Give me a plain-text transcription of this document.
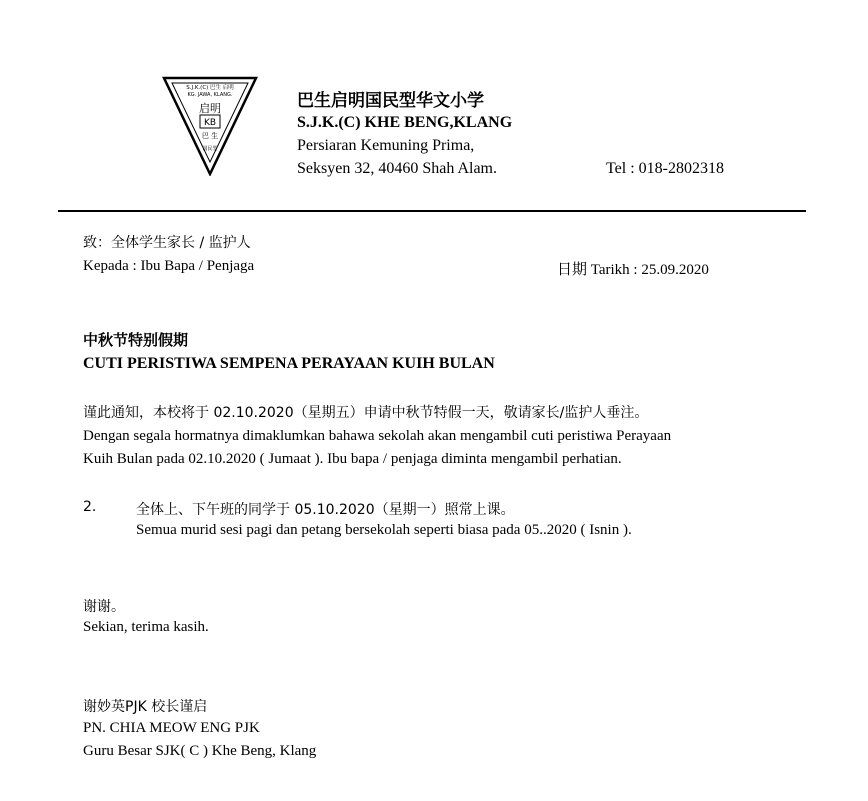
S.J.K.(C) 巴生 启明
KG. JAWA, KLANG.
启明
KB
巴 生
国民型
巴生启明国民型华文小学
S.J.K.(C) KHE BENG,KLANG
Persiaran Kemuning Prima,
Seksyen 32, 40460 Shah Alam.	Tel : 018-2802318
致：全体学生家长 / 监护人
Kepada : Ibu Bapa / Penjaga	日期 Tarikh : 25.09.2020
中秋节特别假期
CUTI PERISTIWA SEMPENA PERAYAAN KUIH BULAN
谨此通知，本校将于 02.10.2020（星期五）申请中秋节特假一天，敬请家长/监护人垂注。
Dengan segala hormatnya dimaklumkan bahawa sekolah akan mengambil cuti peristiwa Perayaan
Kuih Bulan pada 02.10.2020 ( Jumaat ). Ibu bapa / penjaga diminta mengambil perhatian.
2.	全体上、下午班的同学于 05.10.2020（星期一）照常上课。
Semua murid sesi pagi dan petang bersekolah seperti biasa pada 05..2020 ( Isnin ).
谢谢。
Sekian, terima kasih.
谢妙英PJK 校长谨启
PN. CHIA MEOW ENG PJK
Guru Besar SJK( C ) Khe Beng, Klang
